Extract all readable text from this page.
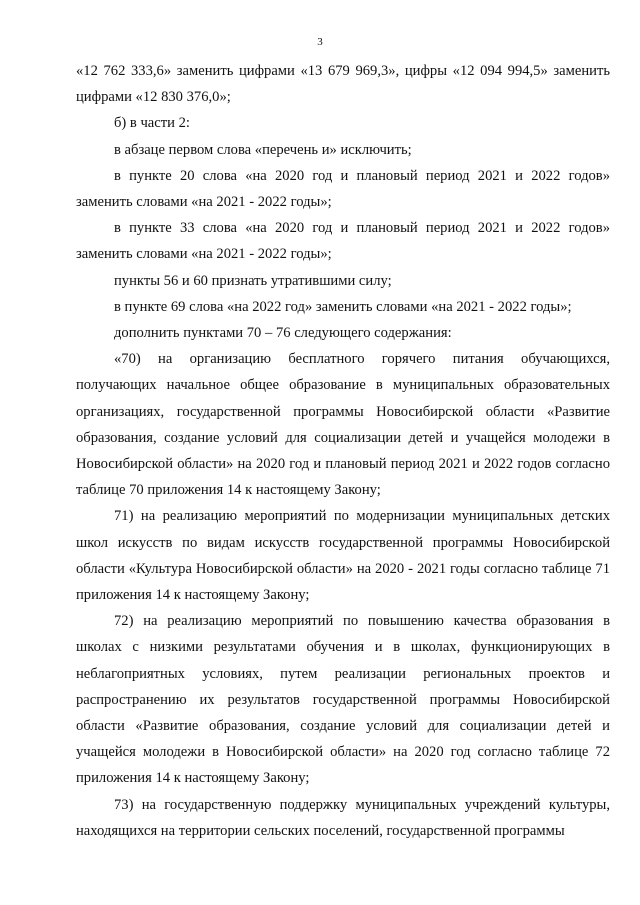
3

«12 762 333,6» заменить цифрами «13 679 969,3», цифры «12 094 994,5» заменить цифрами «12 830 376,0»;

б) в части 2:

в абзаце первом слова «перечень и» исключить;

в пункте 20 слова «на 2020 год и плановый период 2021 и 2022 годов» заменить словами «на 2021 - 2022 годы»;

в пункте 33 слова «на 2020 год и плановый период 2021 и 2022 годов» заменить словами «на 2021 - 2022 годы»;

пункты 56 и 60 признать утратившими силу;

в пункте 69 слова «на 2022 год» заменить словами «на 2021 - 2022 годы»;

дополнить пунктами 70 – 76 следующего содержания:

«70) на организацию бесплатного горячего питания обучающихся, получающих начальное общее образование в муниципальных образовательных организациях, государственной программы Новосибирской области «Развитие образования, создание условий для социализации детей и учащейся молодежи в Новосибирской области» на 2020 год и плановый период 2021 и 2022 годов согласно таблице 70 приложения 14 к настоящему Закону;

71) на реализацию мероприятий по модернизации муниципальных детских школ искусств по видам искусств государственной программы Новосибирской области «Культура Новосибирской области» на 2020 - 2021 годы согласно таблице 71 приложения 14 к настоящему Закону;

72) на реализацию мероприятий по повышению качества образования в школах с низкими результатами обучения и в школах, функционирующих в неблагоприятных условиях, путем реализации региональных проектов и распространению их результатов государственной программы Новосибирской области «Развитие образования, создание условий для социализации детей и учащейся молодежи в Новосибирской области» на 2020 год согласно таблице 72 приложения 14 к настоящему Закону;

73) на государственную поддержку муниципальных учреждений культуры, находящихся на территории сельских поселений, государственной программы
